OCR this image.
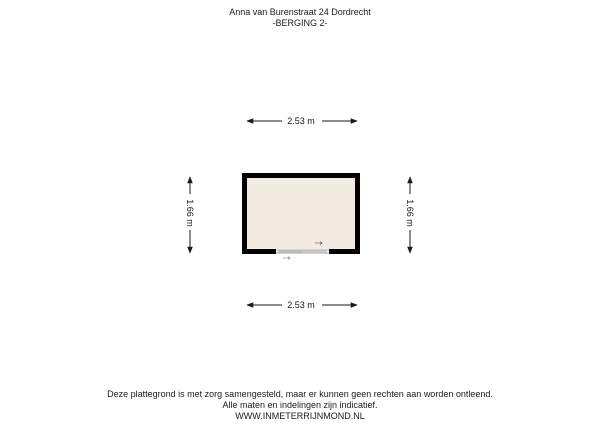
Anna van Burenstraat 24 Dordrecht
-BERGING 2-
2.53 m
2.53 m
1.66 m	1.66 m
Deze plattegrond is met zorg samengesteld, maar er kunnen geen rechten aan worden ontleend.
Alle maten en indelingen zijn indicatief.
WWW.INMETERRIJNMOND.NL
